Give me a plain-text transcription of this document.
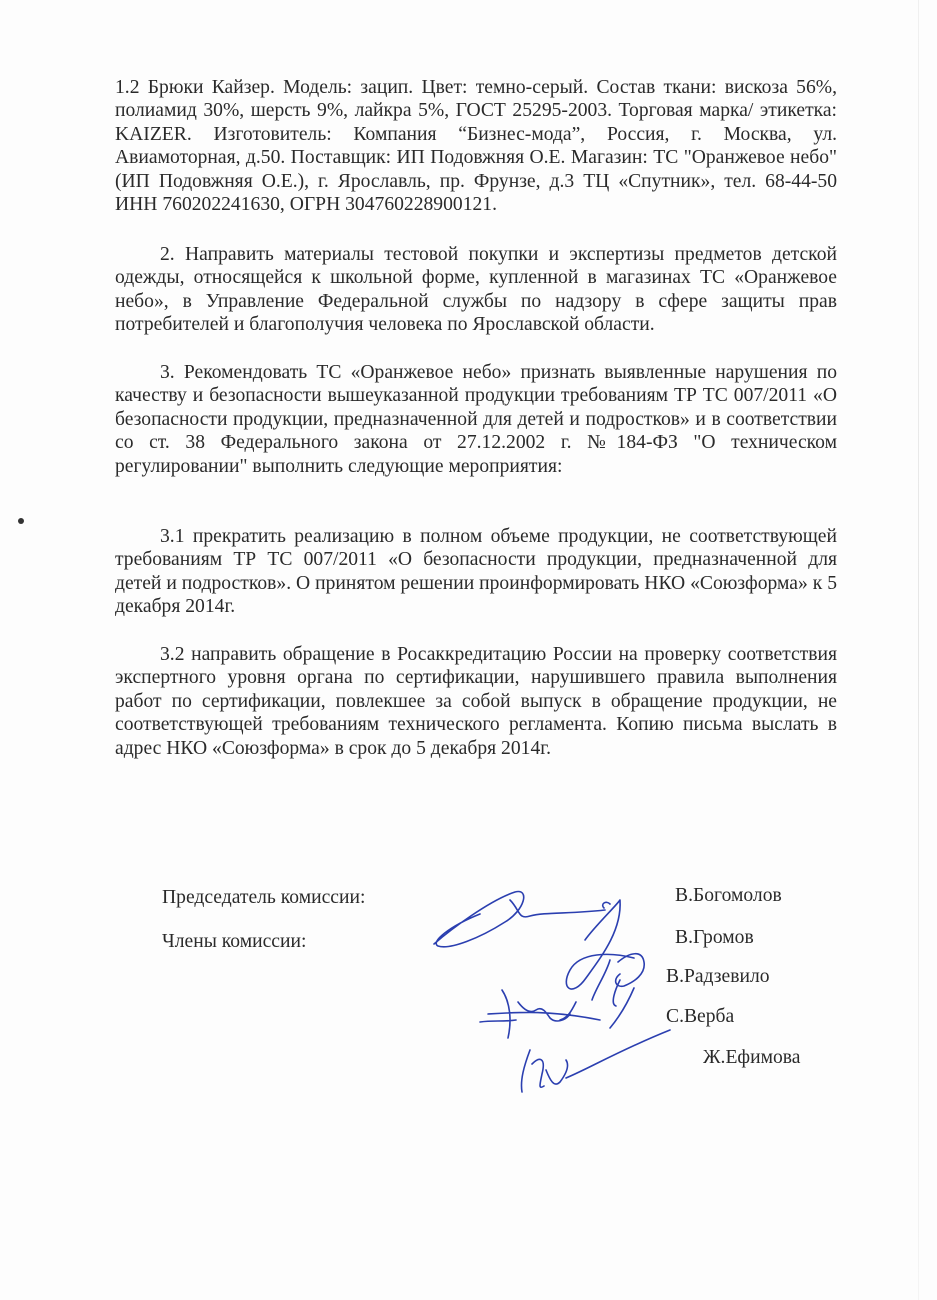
1.2 Брюки Кайзер. Модель: зацип. Цвет: темно-серый. Состав ткани: вискоза 56%, полиамид 30%, шерсть 9%, лайкра 5%, ГОСТ 25295-2003. Торговая марка/ этикетка: KAIZER. Изготовитель: Компания “Бизнес-мода”, Россия, г. Москва, ул. Авиамоторная, д.50. Поставщик: ИП Подовжняя О.Е. Магазин: ТС "Оранжевое небо" (ИП Подовжняя О.Е.), г. Ярославль, пр. Фрунзе, д.3 ТЦ «Спутник», тел. 68-44-50 ИНН 760202241630, ОГРН 304760228900121.

2. Направить материалы тестовой покупки и экспертизы предметов детской одежды, относящейся к школьной форме, купленной в магазинах ТС «Оранжевое небо», в Управление Федеральной службы по надзору в сфере защиты прав потребителей и благополучия человека по Ярославской области.

3. Рекомендовать ТС «Оранжевое небо» признать выявленные нарушения по качеству и безопасности вышеуказанной продукции требованиям ТР ТС 007/2011 «О безопасности продукции, предназначенной для детей и подростков» и в соответствии со ст. 38 Федерального закона от 27.12.2002 г. №184-ФЗ "О техническом регулировании" выполнить следующие мероприятия:

3.1 прекратить реализацию в полном объеме продукции, не соответствующей требованиям ТР ТС 007/2011 «О безопасности продукции, предназначенной для детей и подростков». О принятом решении проинформировать НКО «Союзформа» к 5 декабря 2014г.

3.2 направить обращение в Росаккредитацию России на проверку соответствия экспертного уровня органа по сертификации, нарушившего правила выполнения работ по сертификации, повлекшее за собой выпуск в обращение продукции, не соответствующей требованиям технического регламента. Копию письма выслать в адрес НКО «Союзформа» в срок до 5 декабря 2014г.

Председатель комиссии:
Члены комиссии:
В.Богомолов
В.Громов
В.Радзевило
С.Верба
Ж.Ефимова
